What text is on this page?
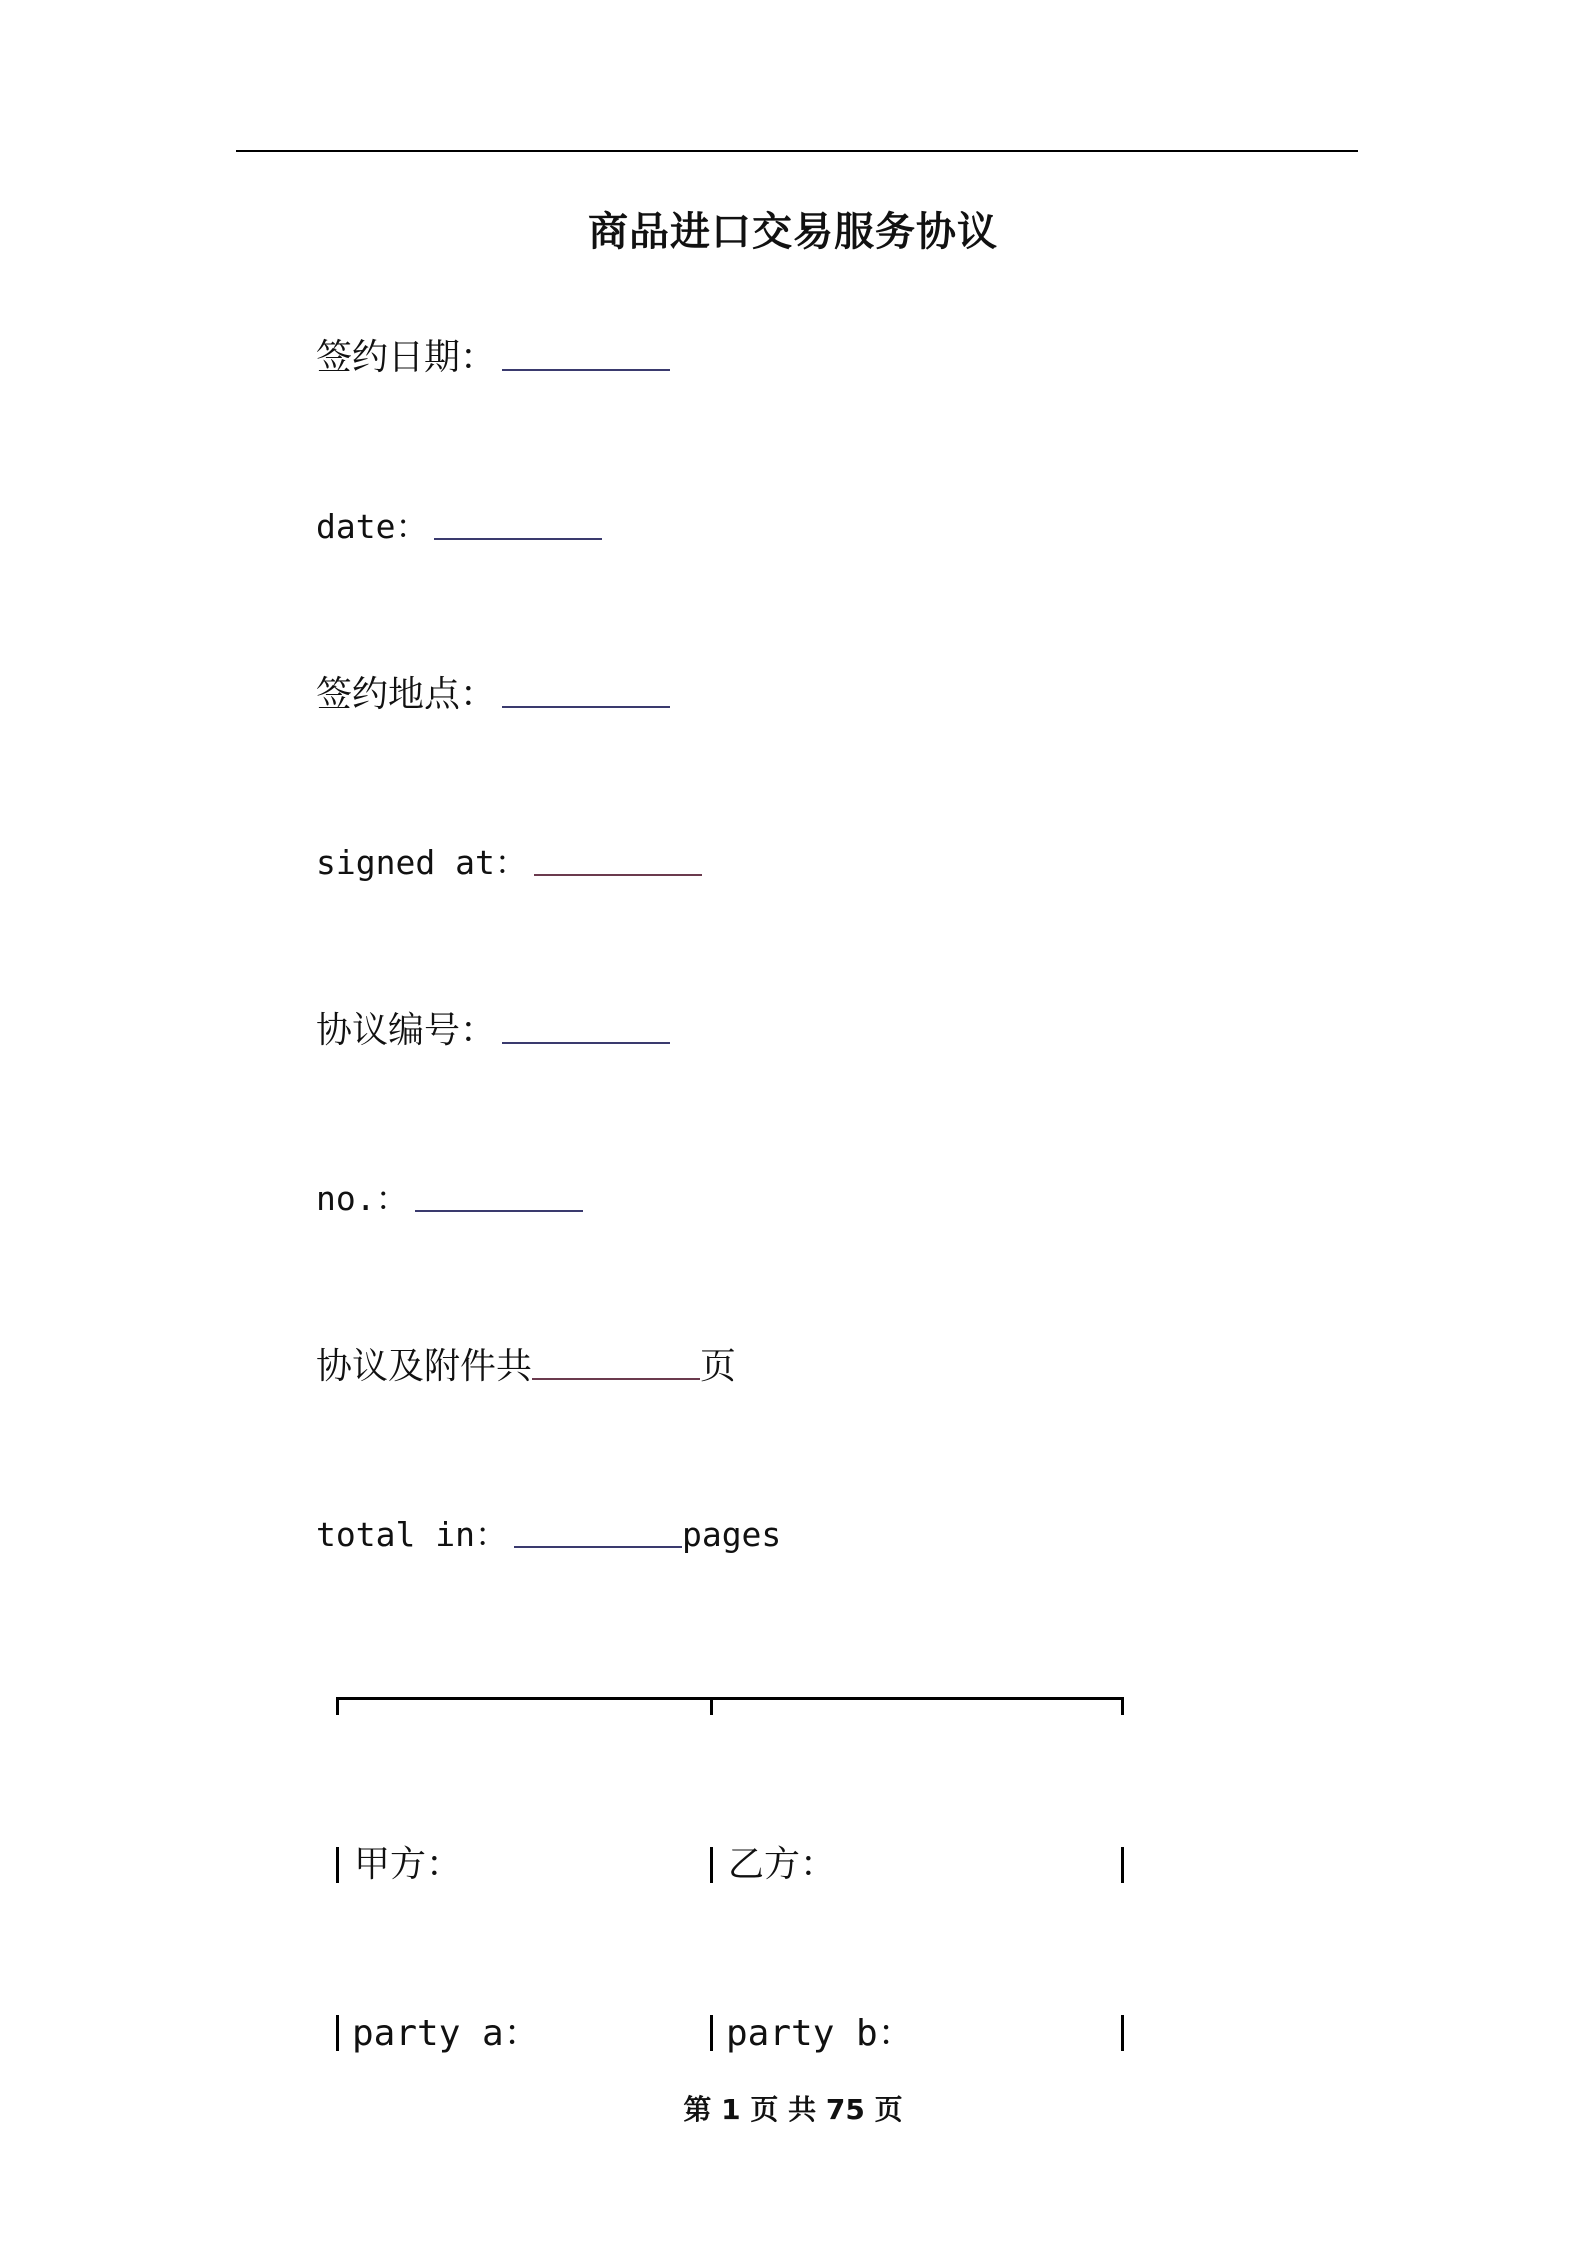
商品进口交易服务协议
签约日期：
date：
签约地点：
signed at：
协议编号：
no.：
协议及附件共	页
total in：	pages
甲方：	乙方：
party a：	party b：
第 1 页 共 75 页
